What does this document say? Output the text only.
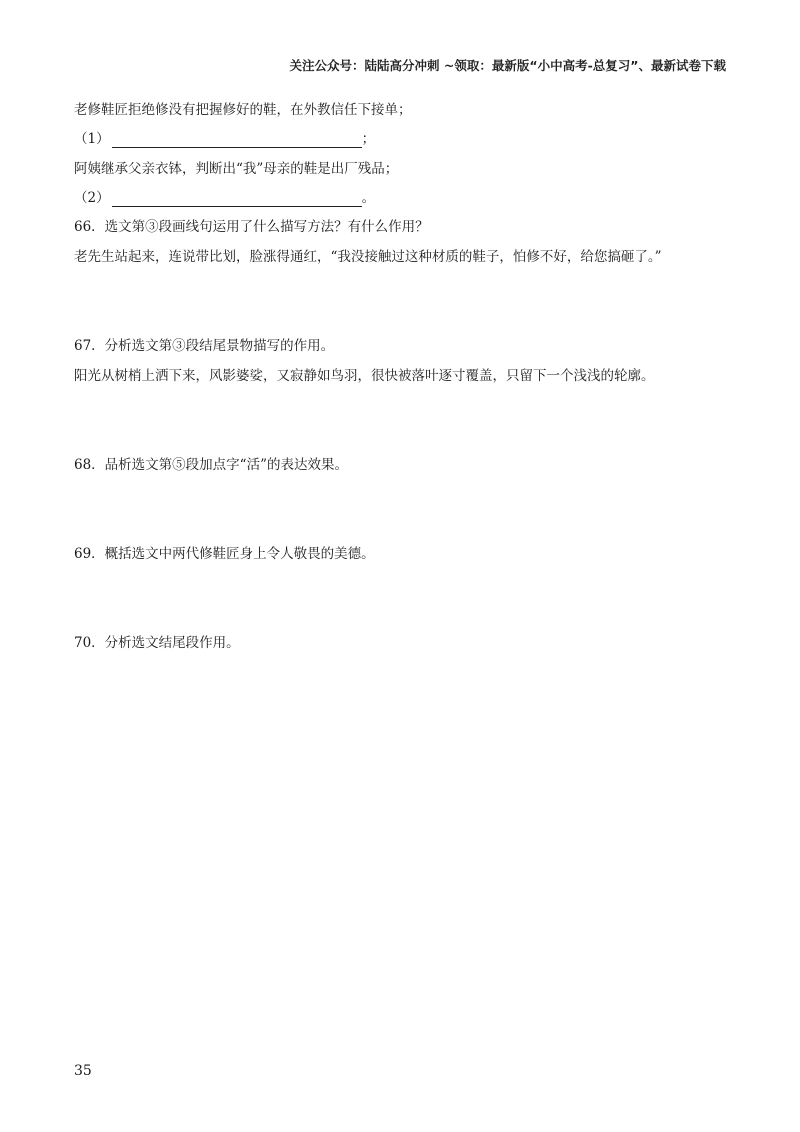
关注公众号：陆陆高分冲刺 ~领取：最新版“小中高考-总复习”、最新试卷下载
老修鞋匠拒绝修没有把握修好的鞋，在外教信任下接单；
（1）	；
阿姨继承父亲衣钵，判断出“我”母亲的鞋是出厂残品；
（2）	。
66．选文第③段画线句运用了什么描写方法？有什么作用？
老先生站起来，连说带比划，脸涨得通红，“我没接触过这种材质的鞋子，怕修不好，给您搞砸了。”
67．分析选文第③段结尾景物描写的作用。
阳光从树梢上洒下来，风影婆娑，又寂静如鸟羽，很快被落叶逐寸覆盖，只留下一个浅浅的轮廓。
68．品析选文第⑤段加点字“活”的表达效果。
69．概括选文中两代修鞋匠身上令人敬畏的美德。
70．分析选文结尾段作用。
35
